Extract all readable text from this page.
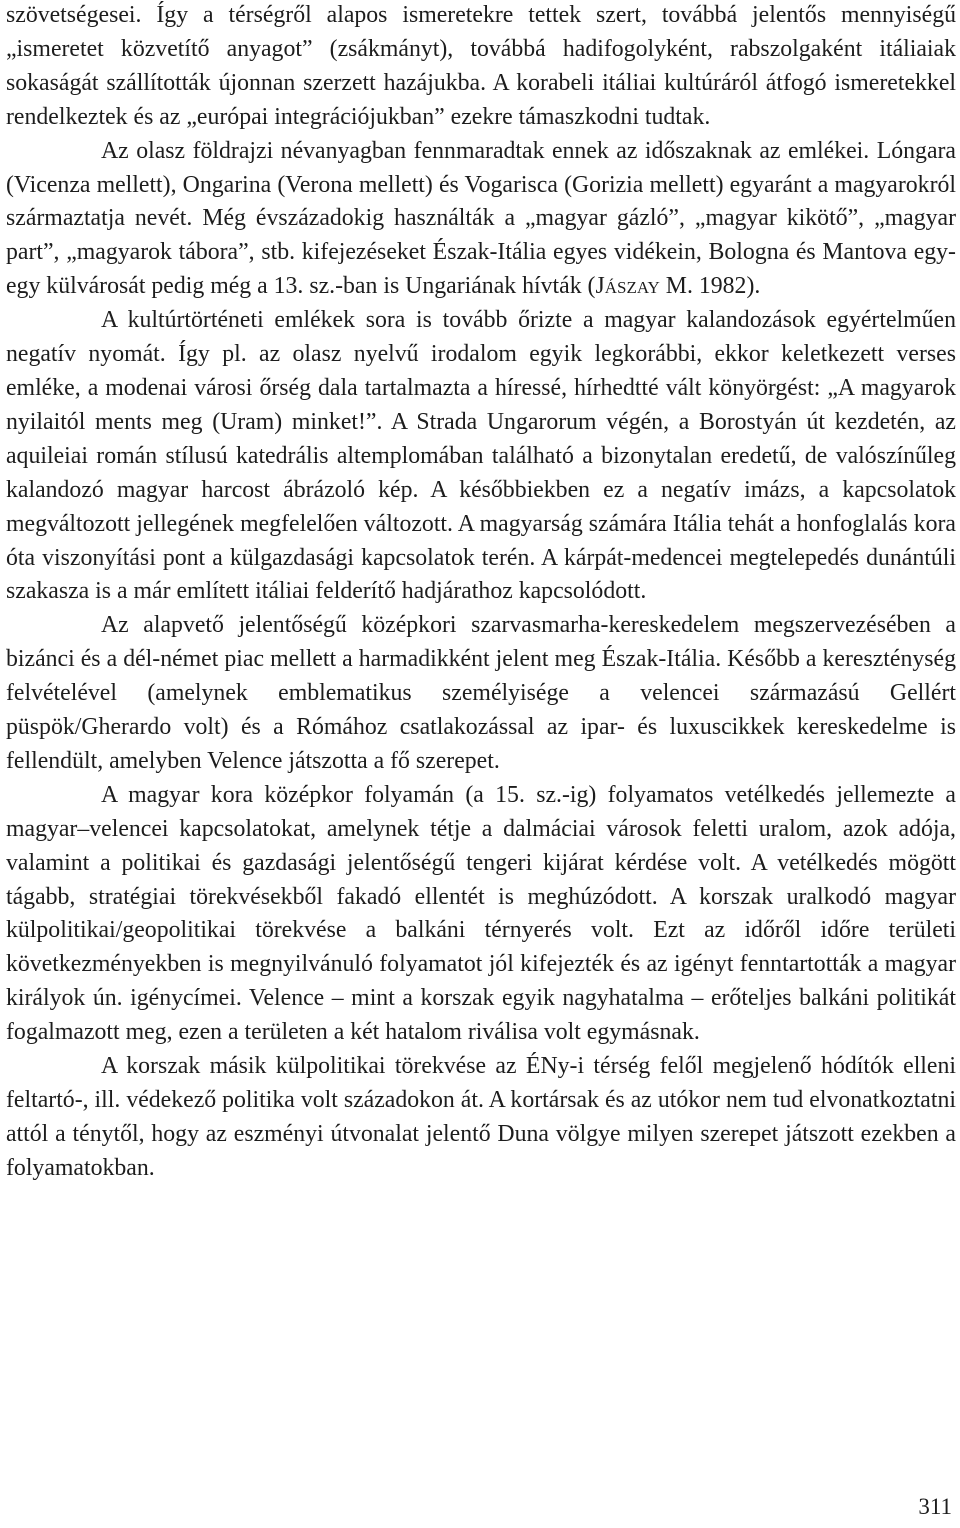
szövetségesei. Így a térségről alapos ismeretekre tettek szert, továbbá jelentős mennyiségű „ismeretet közvetítő anyagot” (zsákmányt), továbbá hadifogolyként, rabszolgaként itáliaiak sokaságát szállították újonnan szerzett hazájukba. A korabeli itáliai kultúráról átfogó ismeretekkel rendelkeztek és az „európai integrációjukban” ezekre támaszkodni tudtak.

Az olasz földrajzi névanyagban fennmaradtak ennek az időszaknak az emlékei. Lóngara (Vicenza mellett), Ongarina (Verona mellett) és Vogarisca (Gorizia mellett) egyaránt a magyarokról származtatja nevét. Még évszázadokig használták a „magyar gázló”, „magyar kikötő”, „magyar part”, „magyarok tábora”, stb. kifejezéseket Észak-Itália egyes vidékein, Bologna és Mantova egy-egy külvárosát pedig még a 13. sz.-ban is Ungariának hívták (Jászay M. 1982).

A kultúrtörténeti emlékek sora is tovább őrizte a magyar kalandozások egyértelműen negatív nyomát. Így pl. az olasz nyelvű irodalom egyik legkorábbi, ekkor keletkezett verses emléke, a modenai városi őrség dala tartalmazta a híressé, hírhedtté vált könyörgést: „A magyarok nyilaitól ments meg (Uram) minket!”. A Strada Ungarorum végén, a Borostyán út kezdetén, az aquileiai román stílusú katedrális altemplomában található a bizonytalan eredetű, de valószínűleg kalandozó magyar harcost ábrázoló kép. A későbbiekben ez a negatív imázs, a kapcsolatok megváltozott jellegének megfelelően változott. A magyarság számára Itália tehát a honfoglalás kora óta viszonyítási pont a külgazdasági kapcsolatok terén. A kárpát-medencei megtelepedés dunántúli szakasza is a már említett itáliai felderítő hadjárathoz kapcsolódott.

Az alapvető jelentőségű középkori szarvasmarha-kereskedelem megszervezésében a bizánci és a dél-német piac mellett a harmadikként jelent meg Észak-Itália. Később a kereszténység felvételével (amelynek emblematikus személyisége a velencei származású Gellért püspök/Gherardo volt) és a Rómához csatlakozással az ipar- és luxuscikkek kereskedelme is fellendült, amelyben Velence játszotta a fő szerepet.

A magyar kora középkor folyamán (a 15. sz.-ig) folyamatos vetélkedés jellemezte a magyar–velencei kapcsolatokat, amelynek tétje a dalmáciai városok feletti uralom, azok adója, valamint a politikai és gazdasági jelentőségű tengeri kijárat kérdése volt. A vetélkedés mögött tágabb, stratégiai törekvésekből fakadó ellentét is meghúzódott. A korszak uralkodó magyar külpolitikai/geopolitikai törekvése a balkáni térnyerés volt. Ezt az időről időre területi következményekben is megnyilvánuló folyamatot jól kifejezték és az igényt fenntartották a magyar királyok ún. igénycímei. Velence – mint a korszak egyik nagyhatalma – erőteljes balkáni politikát fogalmazott meg, ezen a területen a két hatalom riválisa volt egymásnak.

A korszak másik külpolitikai törekvése az ÉNy-i térség felől megjelenő hódítók elleni feltartó-, ill. védekező politika volt századokon át. A kortársak és az utókor nem tud elvonatkoztatni attól a ténytől, hogy az eszményi útvonalat jelentő Duna völgye milyen szerepet játszott ezekben a folyamatokban.

311
